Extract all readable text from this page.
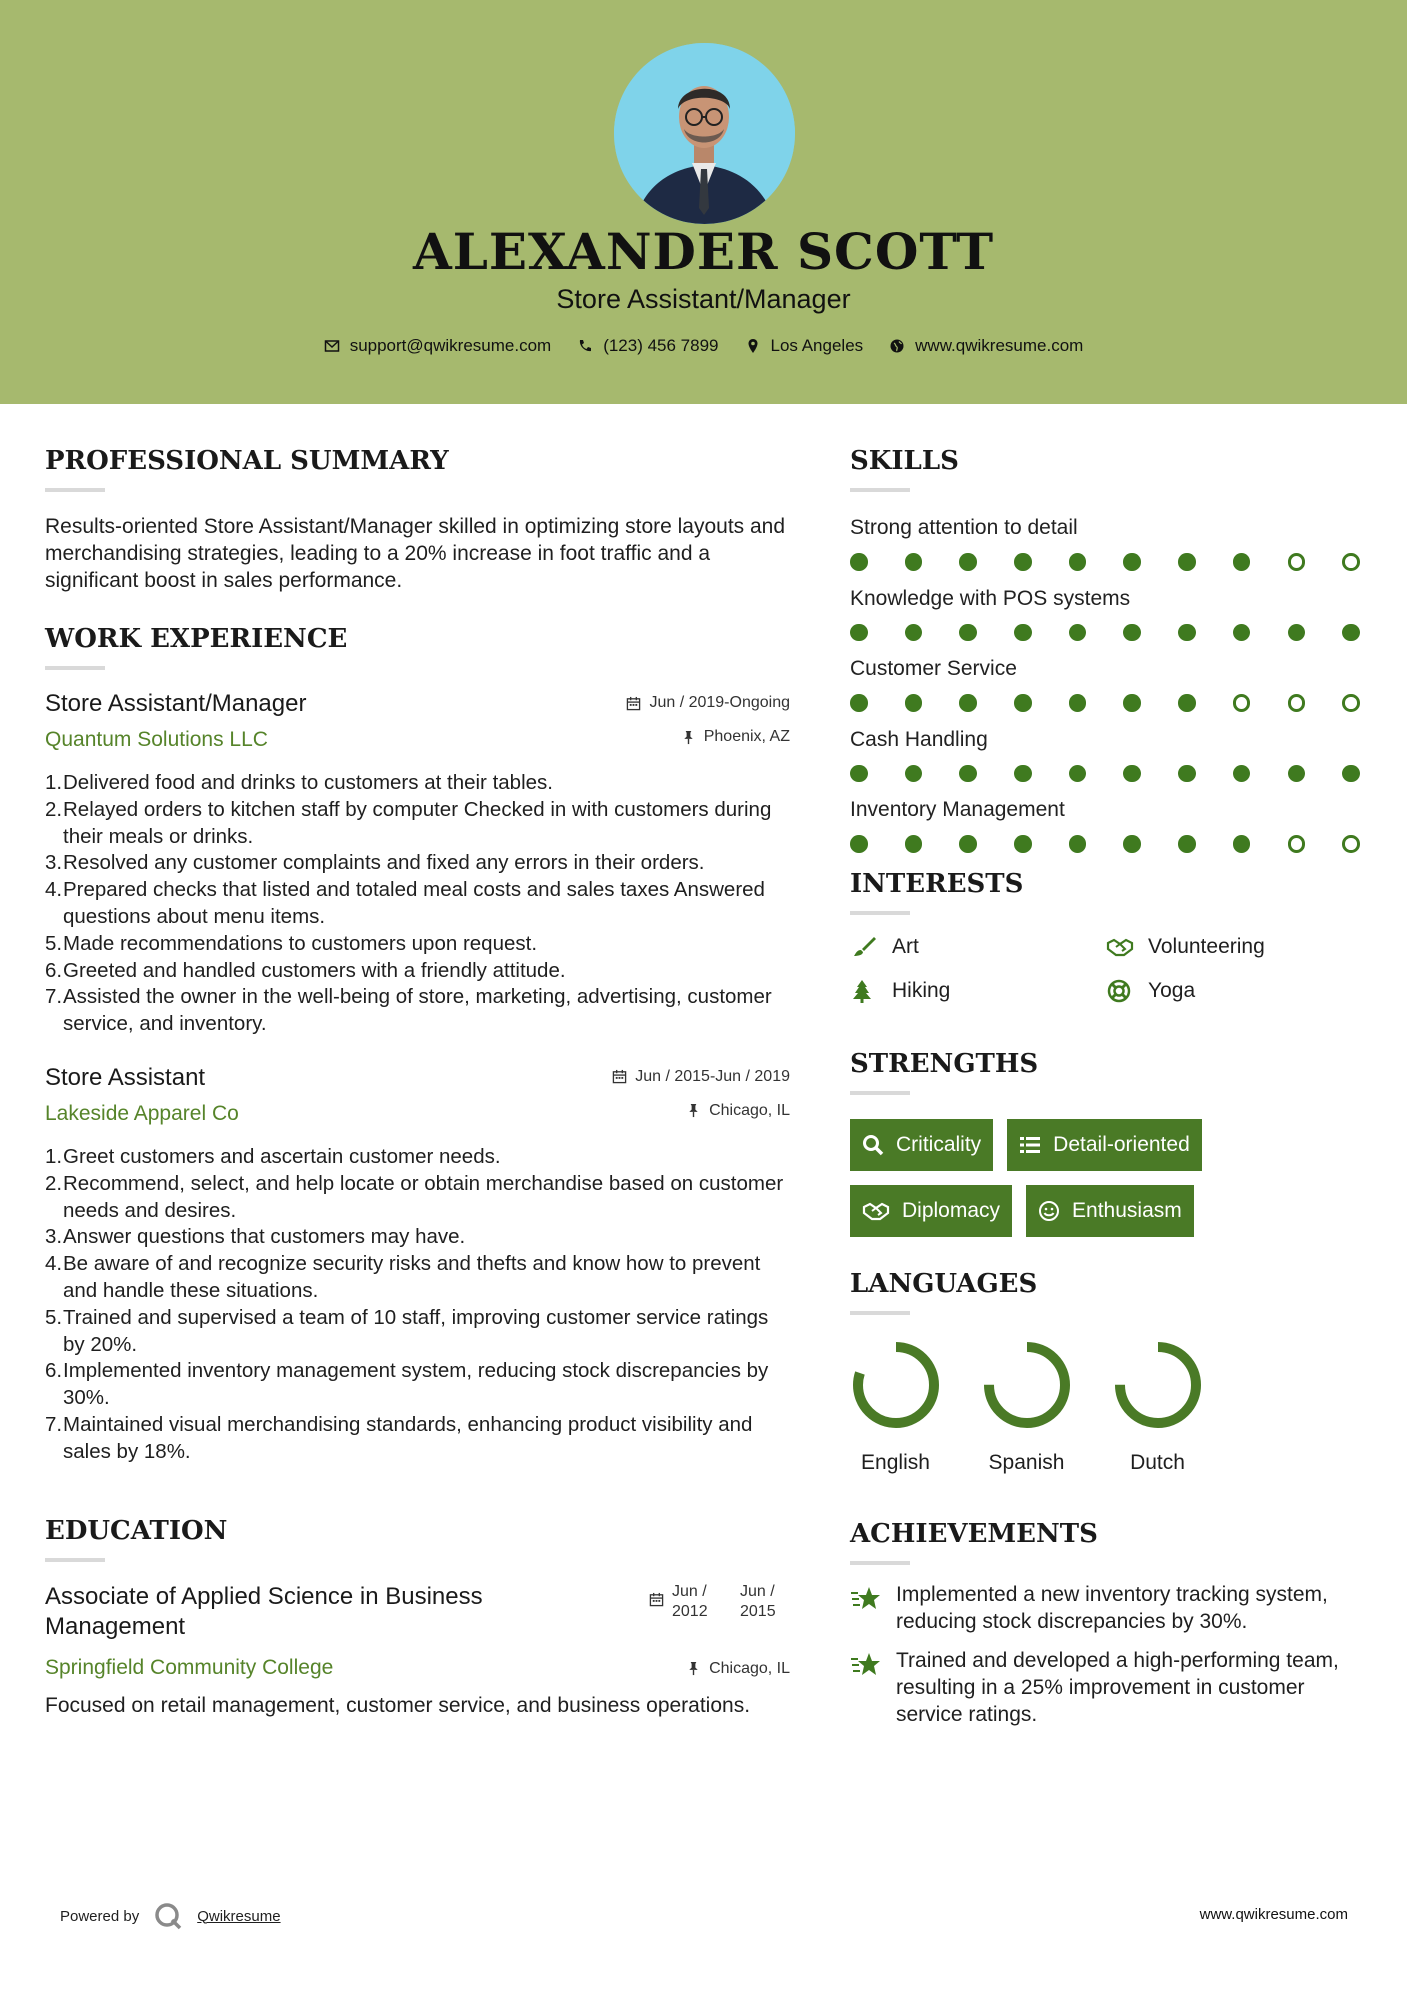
ALEXANDER SCOTT
Store Assistant/Manager
support@qwikresume.com	(123) 456 7899	Los Angeles	www.qwikresume.com
PROFESSIONAL SUMMARY
Results-oriented Store Assistant/Manager skilled in optimizing store layouts and merchandising strategies, leading to a 20% increase in foot traffic and a significant boost in sales performance.
WORK EXPERIENCE
Store Assistant/Manager	Jun / 2019-Ongoing
Quantum Solutions LLC	Phoenix, AZ
1. Delivered food and drinks to customers at their tables.
2. Relayed orders to kitchen staff by computer Checked in with customers during their meals or drinks.
3. Resolved any customer complaints and fixed any errors in their orders.
4. Prepared checks that listed and totaled meal costs and sales taxes Answered questions about menu items.
5. Made recommendations to customers upon request.
6. Greeted and handled customers with a friendly attitude.
7. Assisted the owner in the well-being of store, marketing, advertising, customer service, and inventory.
Store Assistant	Jun / 2015-Jun / 2019
Lakeside Apparel Co	Chicago, IL
1. Greet customers and ascertain customer needs.
2. Recommend, select, and help locate or obtain merchandise based on customer needs and desires.
3. Answer questions that customers may have.
4. Be aware of and recognize security risks and thefts and know how to prevent and handle these situations.
5. Trained and supervised a team of 10 staff, improving customer service ratings by 20%.
6. Implemented inventory management system, reducing stock discrepancies by 30%.
7. Maintained visual merchandising standards, enhancing product visibility and sales by 18%.
EDUCATION
Associate of Applied Science in Business Management
Jun / 2012
Jun / 2015
Springfield Community College	Chicago, IL
Focused on retail management, customer service, and business operations.
SKILLS
Strong attention to detail
Knowledge with POS systems
Customer Service
Cash Handling
Inventory Management
INTERESTS
Art	Volunteering
Hiking	Yoga
STRENGTHS
Criticality	Detail-oriented
Diplomacy	Enthusiasm
LANGUAGES
English	Spanish	Dutch
ACHIEVEMENTS
Implemented a new inventory tracking system, reducing stock discrepancies by 30%.
Trained and developed a high-performing team, resulting in a 25% improvement in customer service ratings.
Powered by	Qwikresume	www.qwikresume.com
